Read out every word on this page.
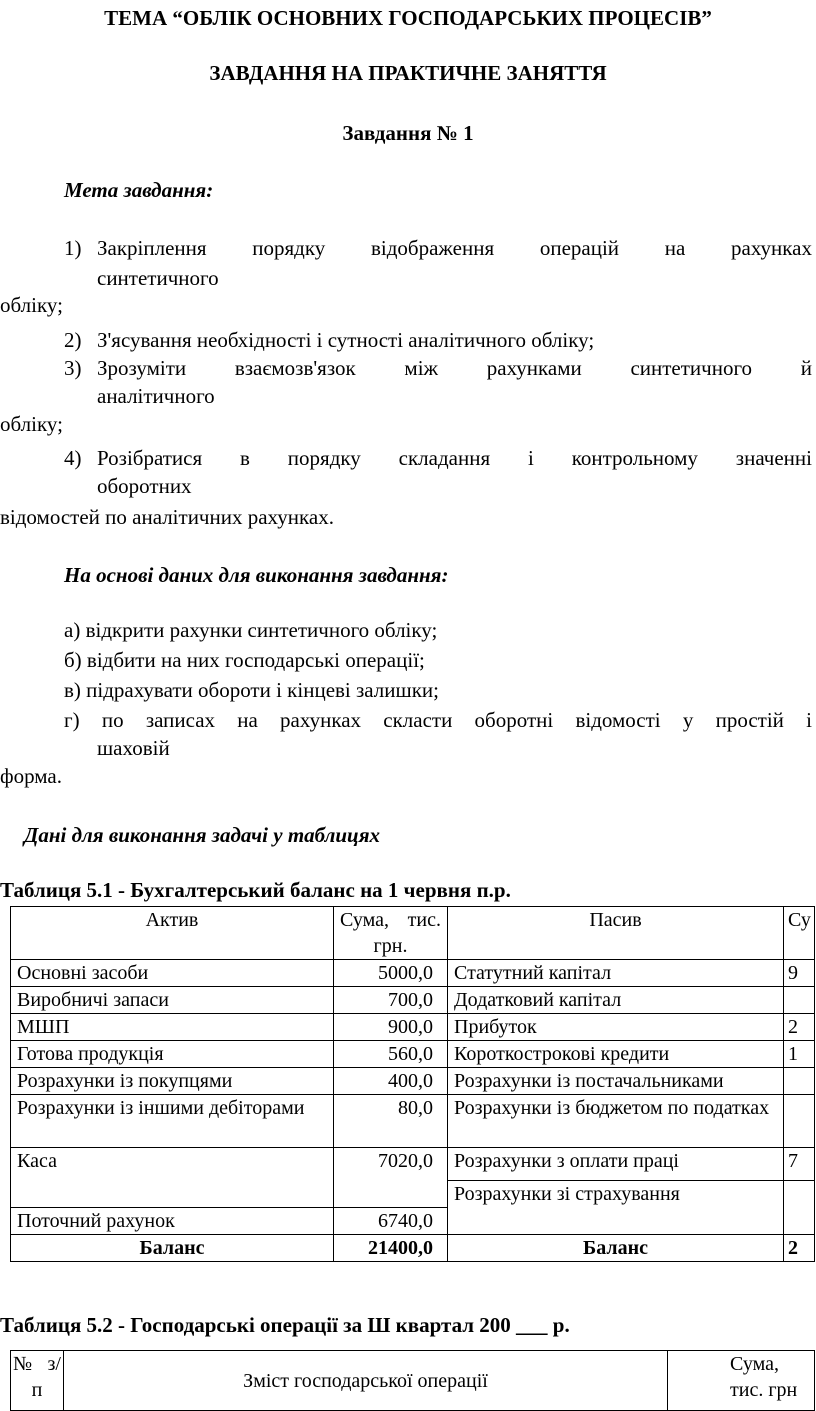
ТЕМА “ОБЛІК ОСНОВНИХ ГОСПОДАРСЬКИХ ПРОЦЕСІВ”
ЗАВДАННЯ НА ПРАКТИЧНЕ ЗАНЯТТЯ
Завдання № 1
Мета завдання:
1) Закріплення порядку відображення операцій на рахунках
синтетичного
обліку;
2) З'ясування необхідності і сутності аналітичного обліку;
3) Зрозуміти взаємозв'язок між рахунками синтетичного й
аналітичного
обліку;
4) Розібратися в порядку складання і контрольному значенні
оборотних
відомостей по аналітичних рахунках.
На основі даних для виконання завдання:
а) відкрити рахунки синтетичного обліку;
б) відбити на них господарські операції;
в) підрахувати обороти і кінцеві залишки;
г) по записах на рахунках скласти оборотні відомості у простій і
шаховій
форма.
Дані для виконання задачі у таблицях
Таблиця 5.1 - Бухгалтерський баланс на 1 червня п.р.
Актив	Сума, тис. грн.	Пасив	Су
Основні засоби	5000,0	Статутний капітал	9
Виробничі запаси	700,0	Додатковий капітал	
МШП	900,0	Прибуток	2
Готова продукція	560,0	Короткострокові кредити	1
Розрахунки із покупцями	400,0	Розрахунки із постачальниками	
Розрахунки із іншими дебіторами	80,0	Розрахунки із бюджетом по податках	
Каса	7020,0	Розрахунки з оплати праці	7
		Розрахунки зі страхування	
Поточний рахунок	6740,0		
Баланс	21400,0	Баланс	2
Таблиця 5.2 - Господарські операції за Ш квартал 200 ___ р.
№ з/п	Зміст господарської операції	Сума, тис. грн
